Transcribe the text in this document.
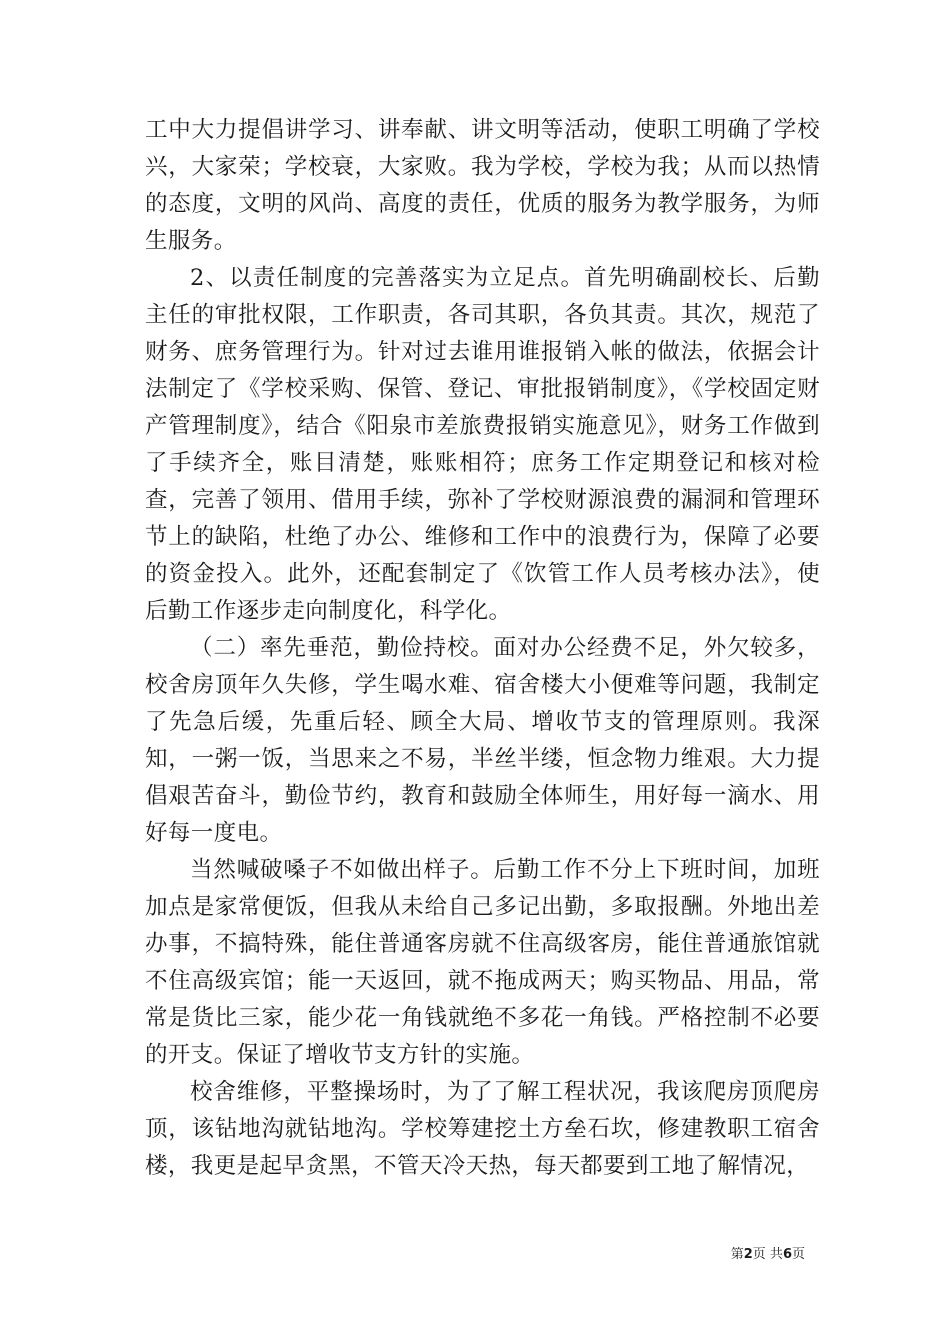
工中大力提倡讲学习、讲奉献、讲文明等活动，使职工明确了学校兴，大家荣；学校衰，大家败。我为学校，学校为我；从而以热情的态度，文明的风尚、高度的责任，优质的服务为教学服务，为师生服务。

2、以责任制度的完善落实为立足点。首先明确副校长、后勤主任的审批权限，工作职责，各司其职，各负其责。其次，规范了财务、庶务管理行为。针对过去谁用谁报销入帐的做法，依据会计法制定了《学校采购、保管、登记、审批报销制度》，《学校固定财产管理制度》，结合《阳泉市差旅费报销实施意见》，财务工作做到了手续齐全，账目清楚，账账相符；庶务工作定期登记和核对检查，完善了领用、借用手续，弥补了学校财源浪费的漏洞和管理环节上的缺陷，杜绝了办公、维修和工作中的浪费行为，保障了必要的资金投入。此外，还配套制定了《饮管工作人员考核办法》，使后勤工作逐步走向制度化，科学化。

（二）率先垂范，勤俭持校。面对办公经费不足，外欠较多，校舍房顶年久失修，学生喝水难、宿舍楼大小便难等问题，我制定了先急后缓，先重后轻、顾全大局、增收节支的管理原则。我深知，一粥一饭，当思来之不易，半丝半缕，恒念物力维艰。大力提倡艰苦奋斗，勤俭节约，教育和鼓励全体师生，用好每一滴水、用好每一度电。

当然喊破嗓子不如做出样子。后勤工作不分上下班时间，加班加点是家常便饭，但我从未给自己多记出勤，多取报酬。外地出差办事，不搞特殊，能住普通客房就不住高级客房，能住普通旅馆就不住高级宾馆；能一天返回，就不拖成两天；购买物品、用品，常常是货比三家，能少花一角钱就绝不多花一角钱。严格控制不必要的开支。保证了增收节支方针的实施。

校舍维修，平整操场时，为了了解工程状况，我该爬房顶爬房顶，该钻地沟就钻地沟。学校筹建挖土方垒石坎，修建教职工宿舍楼，我更是起早贪黑，不管天冷天热，每天都要到工地了解情况，

第2页 共6页
